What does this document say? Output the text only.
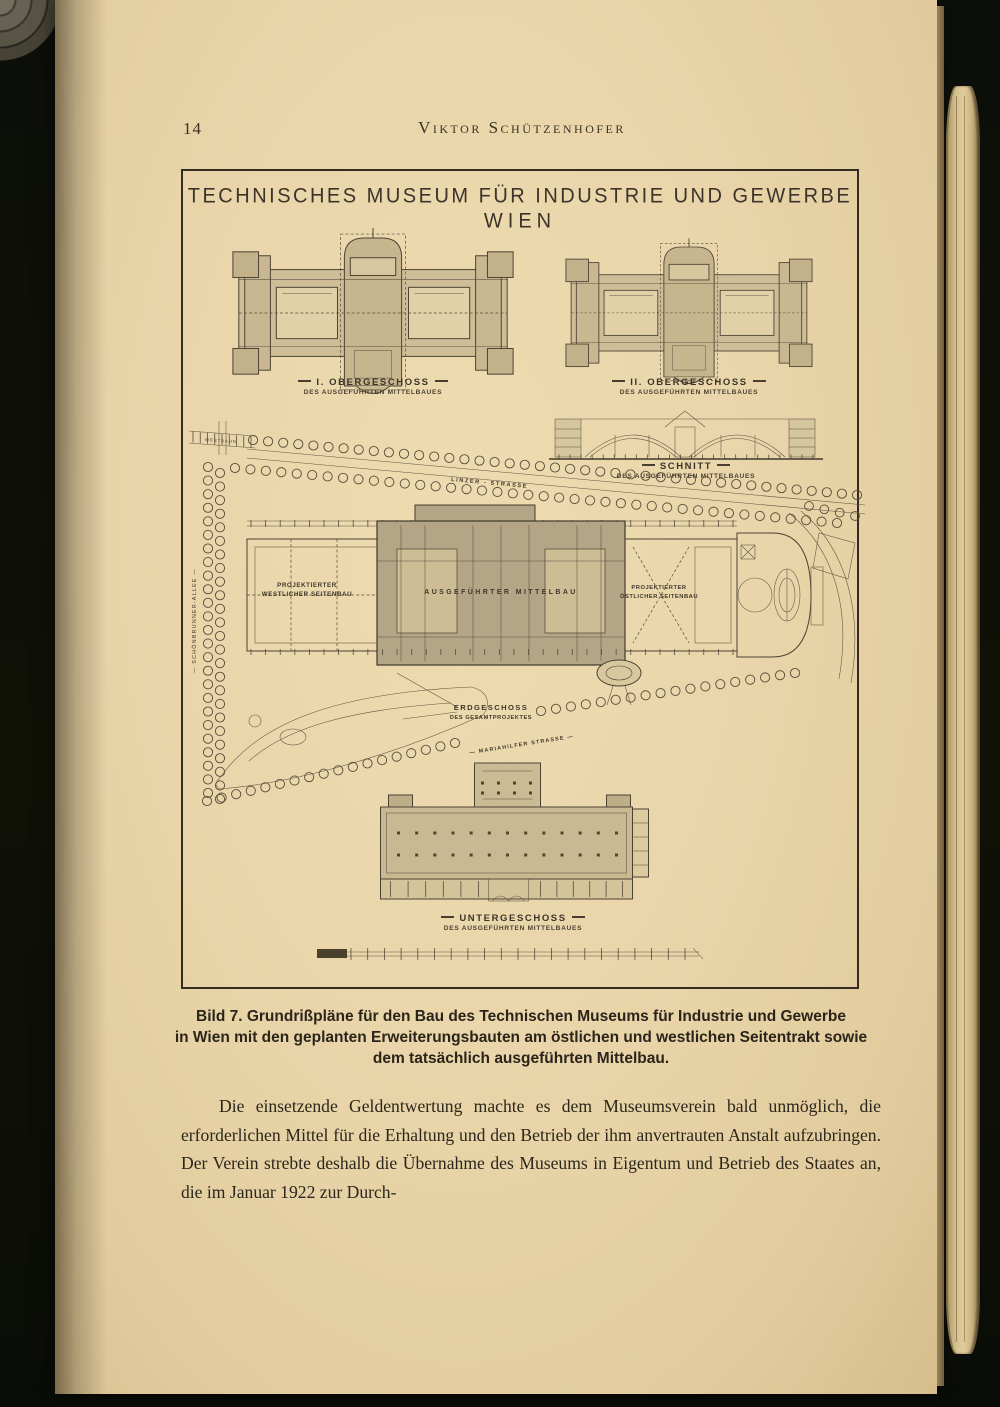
14	Viktor Schützenhofer
TECHNISCHES MUSEUM FÜR INDUSTRIE UND GEWERBE
WIEN
I. OBERGESCHOSS
DES AUSGEFÜHRTEN MITTELBAUES
II. OBERGESCHOSS
DES AUSGEFÜHRTEN MITTELBAUES
SCHNITT
DES AUSGEFÜHRTEN MITTELBAUES
WESTBAHN
LINZER - STRASSE
— SCHÖNBRUNNER-ALLEE —	PROJEKTIERTER
WESTLICHER SEITENBAU	AUSGEFÜHRTER MITTELBAU
PROJEKTIERTER
ÖSTLICHER SEITENBAU
ERDGESCHOSS
DES GESAMTPROJEKTES
— MARIAHILFER STRASSE —
UNTERGESCHOSS
DES AUSGEFÜHRTEN MITTELBAUES
Bild 7. Grundrißpläne für den Bau des Technischen Museums für Industrie und Gewerbe
in Wien mit den geplanten Erweiterungsbauten am östlichen und westlichen Seitentrakt sowie
dem tatsächlich ausgeführten Mittelbau.
Die einsetzende Geldentwertung machte es dem Museumsverein bald unmöglich, die erforderlichen Mittel für die Erhaltung und den Betrieb der ihm anvertrauten Anstalt aufzubringen. Der Verein strebte deshalb die Übernahme des Museums in Eigentum und Betrieb des Staates an, die im Januar 1922 zur Durch-
